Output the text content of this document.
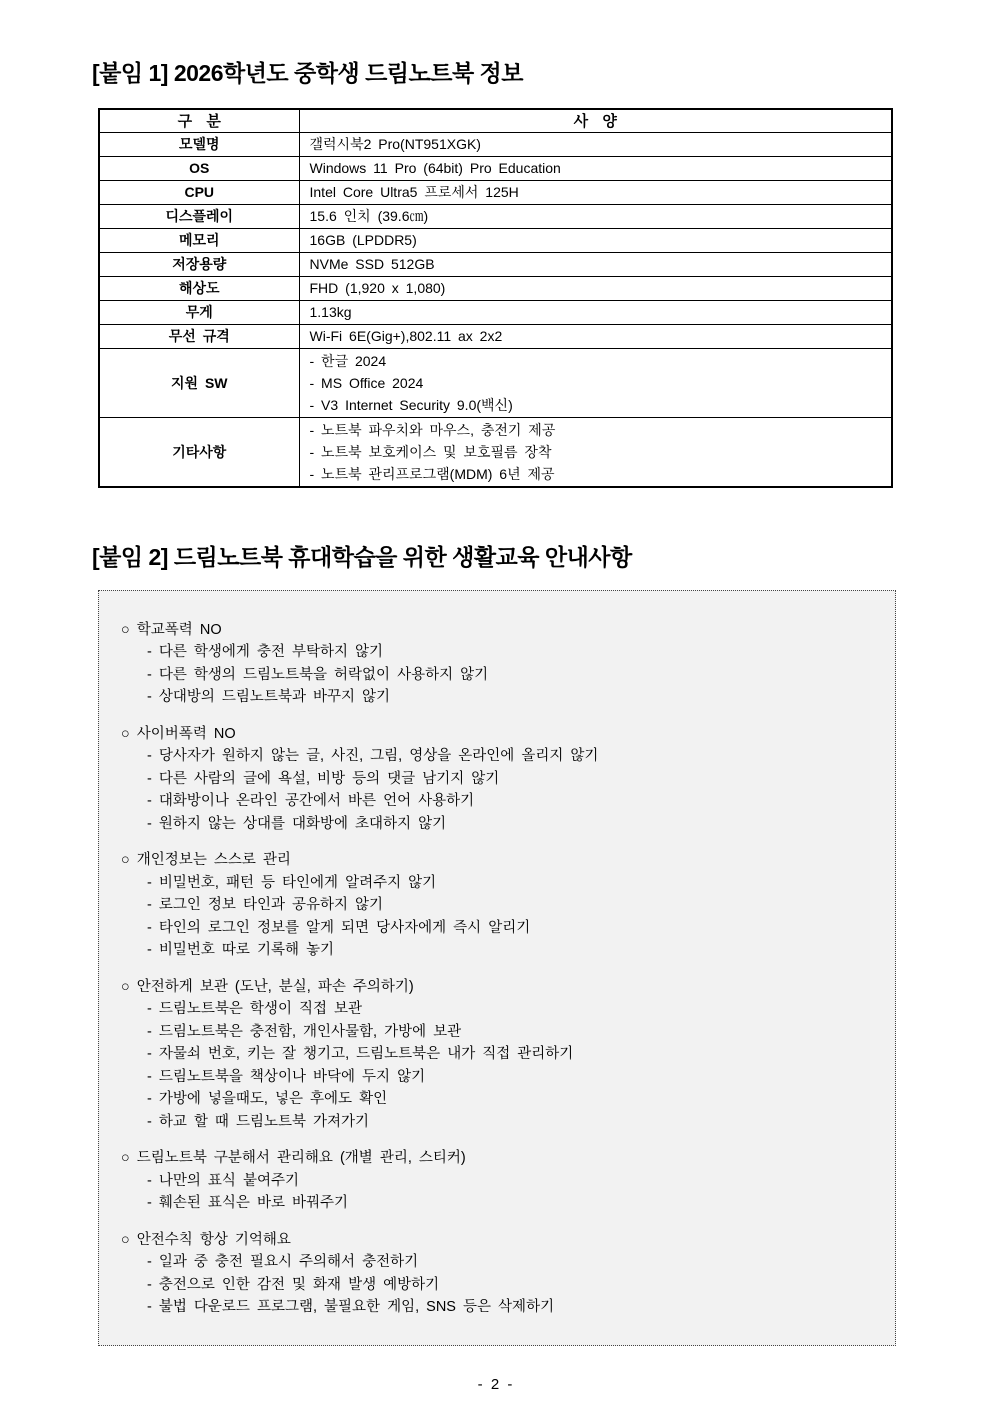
[붙임 1] 2026학년도 중학생 드림노트북 정보
구  분	사  양
모델명	갤럭시북2 Pro(NT951XGK)

OS	Windows 11 Pro (64bit) Pro Education

CPU	Intel Core Ultra5 프로세서 125H

디스플레이	15.6 인치 (39.6㎝)

메모리	16GB (LPDDR5)

저장용량	NVMe SSD 512GB

해상도	FHD (1,920 x 1,080)

무게	1.13kg

무선 규격	Wi-Fi 6E(Gig+),802.11 ax 2x2

지원 SW	- 한글 2024
- MS Office 2024
- V3 Internet Security 9.0(백신)

기타사항	- 노트북 파우치와 마우스, 충전기 제공
- 노트북 보호케이스 및 보호필름 장착
- 노트북 관리프로그램(MDM) 6년 제공
[붙임 2] 드림노트북 휴대학습을 위한 생활교육 안내사항
○ 학교폭력 NO
- 다른 학생에게 충전 부탁하지 않기
- 다른 학생의 드림노트북을 허락없이 사용하지 않기
- 상대방의 드림노트북과 바꾸지 않기
○ 사이버폭력 NO
- 당사자가 원하지 않는 글, 사진, 그림, 영상을 온라인에 올리지 않기
- 다른 사람의 글에 욕설, 비방 등의 댓글 남기지 않기
- 대화방이나 온라인 공간에서 바른 언어 사용하기
- 원하지 않는 상대를 대화방에 초대하지 않기
○ 개인정보는 스스로 관리
- 비밀번호, 패턴 등 타인에게 알려주지 않기
- 로그인 정보 타인과 공유하지 않기
- 타인의 로그인 정보를 알게 되면 당사자에게 즉시 알리기
- 비밀번호 따로 기록해 놓기
○ 안전하게 보관 (도난, 분실, 파손 주의하기)
- 드림노트북은 학생이 직접 보관
- 드림노트북은 충전함, 개인사물함, 가방에 보관
- 자물쇠 번호, 키는 잘 챙기고, 드림노트북은 내가 직접 관리하기
- 드림노트북을 책상이나 바닥에 두지 않기
- 가방에 넣을때도, 넣은 후에도 확인
- 하교 할 때 드림노트북 가져가기
○ 드림노트북 구분해서 관리해요 (개별 관리, 스티커)
- 나만의 표식 붙여주기
- 훼손된 표식은 바로 바꿔주기
○ 안전수칙 항상 기억해요
- 일과 중 충전 필요시 주의해서 충전하기
- 충전으로 인한 감전 및 화재 발생 예방하기
- 불법 다운로드 프로그램, 불필요한 게임, SNS 등은 삭제하기
- 2 -
